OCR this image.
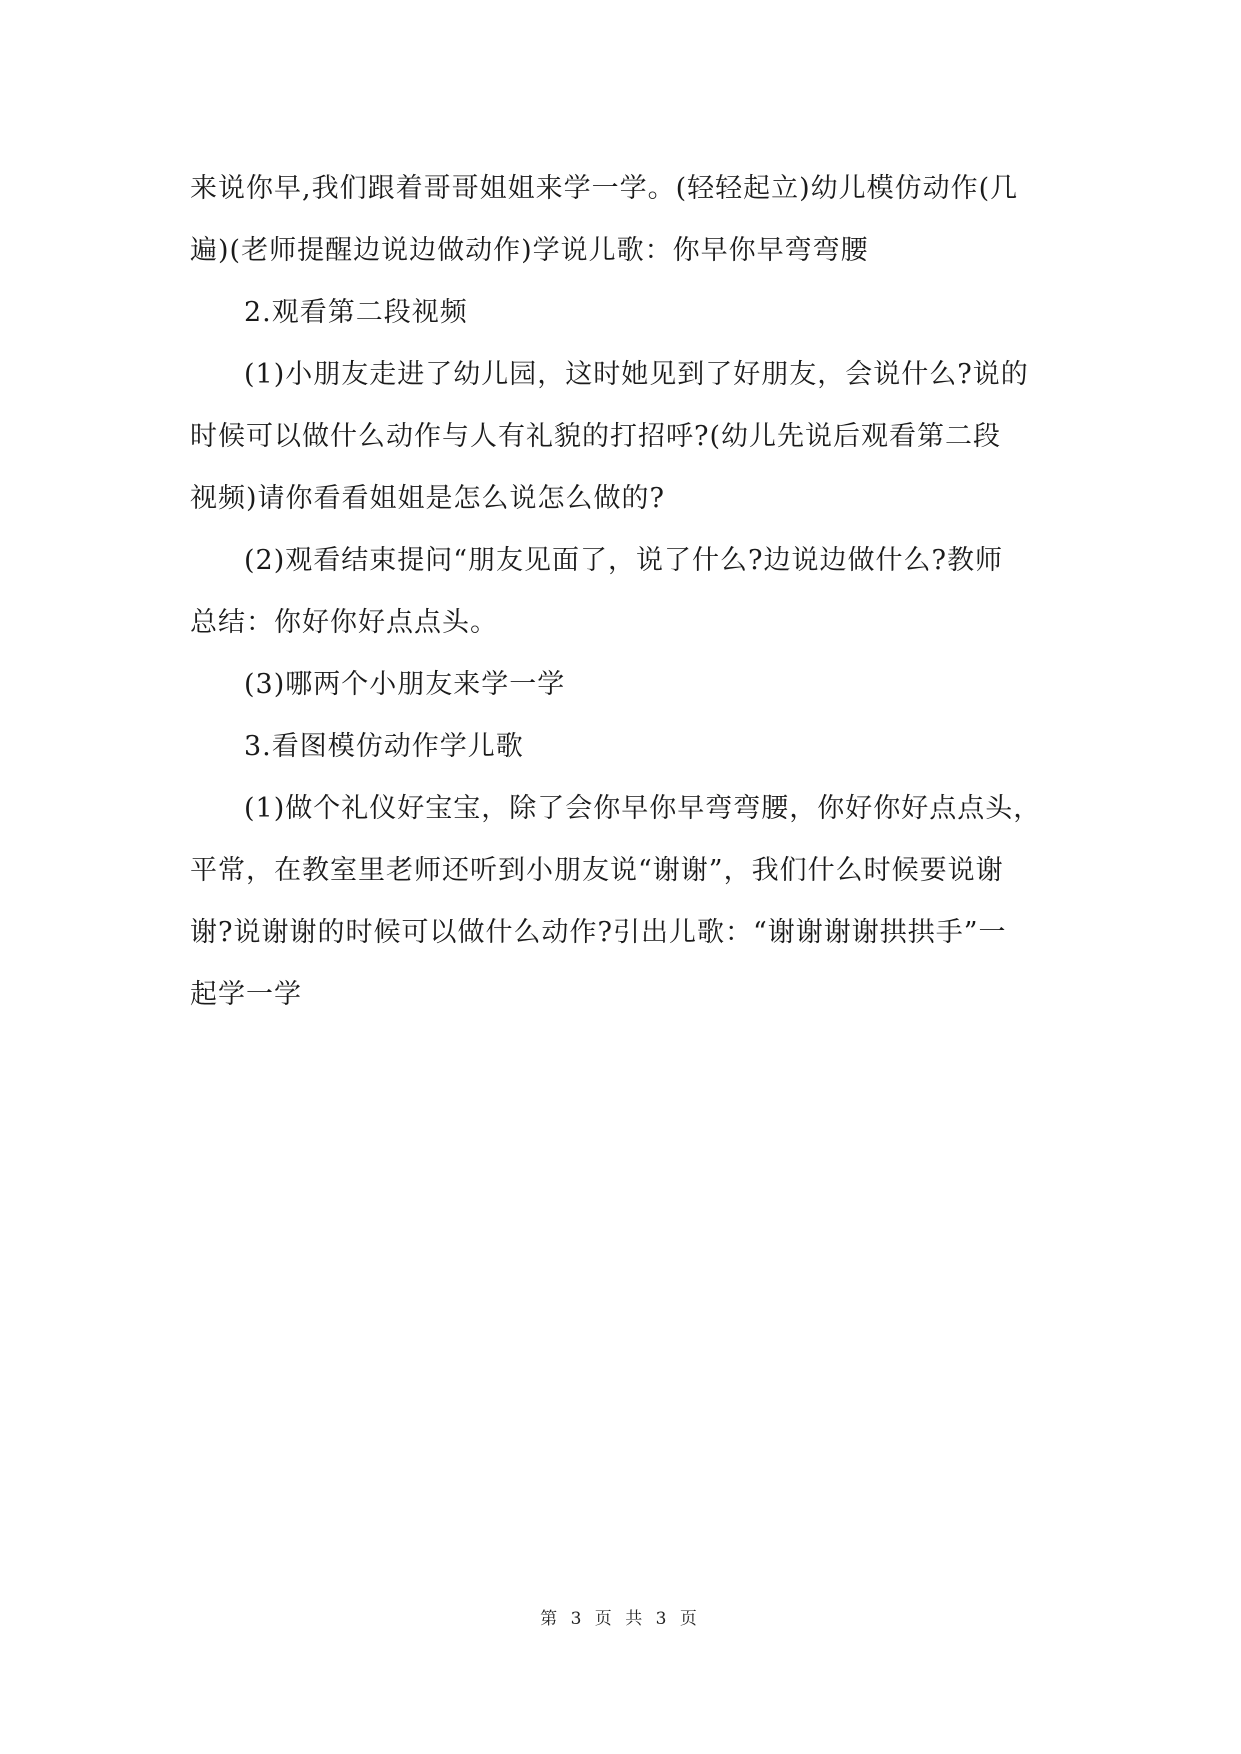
来说你早,我们跟着哥哥姐姐来学一学。(轻轻起立)幼儿模仿动作(几
遍)(老师提醒边说边做动作)学说儿歌：你早你早弯弯腰
2.观看第二段视频
(1)小朋友走进了幼儿园，这时她见到了好朋友，会说什么?说的
时候可以做什么动作与人有礼貌的打招呼?(幼儿先说后观看第二段
视频)请你看看姐姐是怎么说怎么做的?
(2)观看结束提问“朋友见面了，说了什么?边说边做什么?教师
总结：你好你好点点头。
(3)哪两个小朋友来学一学
3.看图模仿动作学儿歌
(1)做个礼仪好宝宝，除了会你早你早弯弯腰，你好你好点点头，
平常，在教室里老师还听到小朋友说“谢谢”，我们什么时候要说谢
谢?说谢谢的时候可以做什么动作?引出儿歌：“谢谢谢谢拱拱手”一
起学一学
第 3 页 共 3 页
